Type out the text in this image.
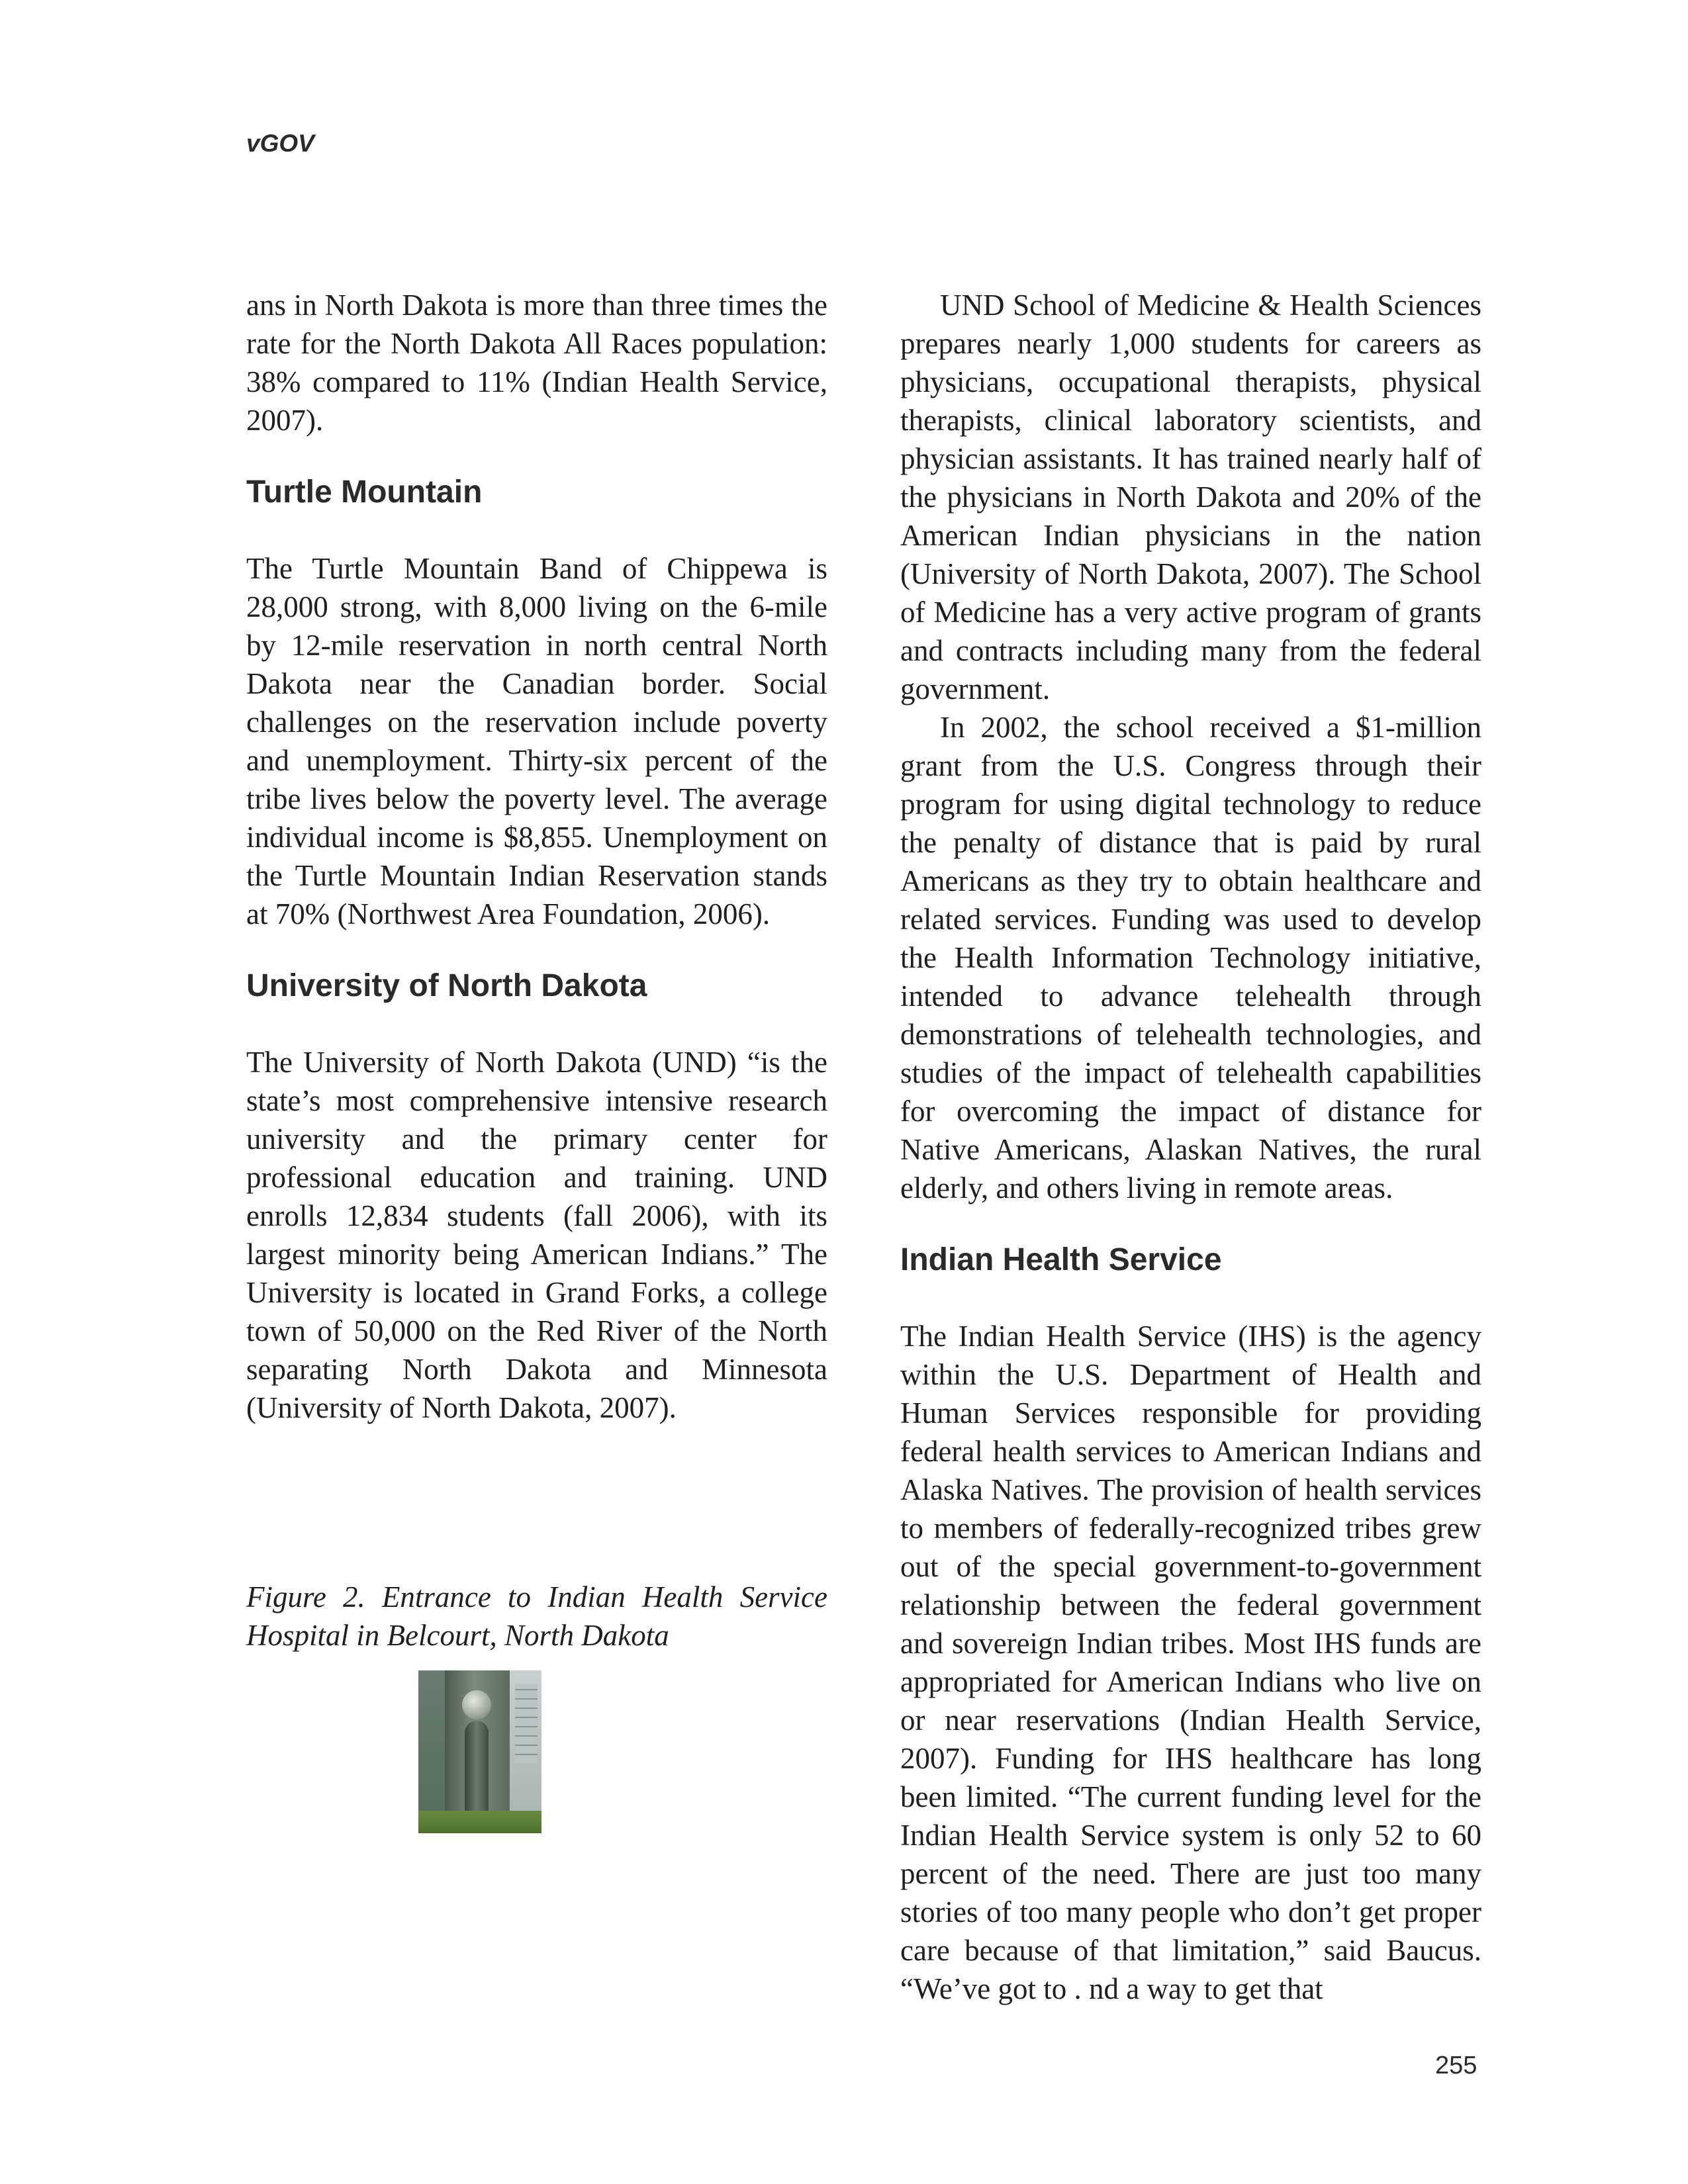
vGOV

ans in North Dakota is more than three times the rate for the North Dakota All Races population: 38% compared to 11% (Indian Health Service, 2007).

Turtle Mountain

The Turtle Mountain Band of Chippewa is 28,000 strong, with 8,000 living on the 6-mile by 12-mile reservation in north central North Dakota near the Canadian border. Social challenges on the reservation include poverty and unemployment. Thirty-six percent of the tribe lives below the poverty level. The average individual income is $8,855. Unemployment on the Turtle Mountain Indian Reservation stands at 70% (Northwest Area Foundation, 2006).

University of North Dakota

The University of North Dakota (UND) “is the state’s most comprehensive intensive research university and the primary center for professional education and training. UND enrolls 12,834 students (fall 2006), with its largest minority being American Indians.” The University is located in Grand Forks, a college town of 50,000 on the Red River of the North separating North Dakota and Minnesota (University of North Dakota, 2007).

Figure 2. Entrance to Indian Health Service Hospital in Belcourt, North Dakota

UND School of Medicine & Health Sciences prepares nearly 1,000 students for careers as physicians, occupational therapists, physical therapists, clinical laboratory scientists, and physician assistants. It has trained nearly half of the physicians in North Dakota and 20% of the American Indian physicians in the nation (University of North Dakota, 2007). The School of Medicine has a very active program of grants and contracts including many from the federal government.

In 2002, the school received a $1-million grant from the U.S. Congress through their program for using digital technology to reduce the penalty of distance that is paid by rural Americans as they try to obtain healthcare and related services. Funding was used to develop the Health Information Technology initiative, intended to advance telehealth through demonstrations of telehealth technologies, and studies of the impact of telehealth capabilities for overcoming the impact of distance for Native Americans, Alaskan Natives, the rural elderly, and others living in remote areas.

Indian Health Service

The Indian Health Service (IHS) is the agency within the U.S. Department of Health and Human Services responsible for providing federal health services to American Indians and Alaska Natives. The provision of health services to members of federally-recognized tribes grew out of the special government-to-government relationship between the federal government and sovereign Indian tribes. Most IHS funds are appropriated for American Indians who live on or near reservations (Indian Health Service, 2007). Funding for IHS healthcare has long been limited. “The current funding level for the Indian Health Service system is only 52 to 60 percent of the need. There are just too many stories of too many people who don’t get proper care because of that limitation,” said Baucus. “We’ve got to . nd a way to get that

255
